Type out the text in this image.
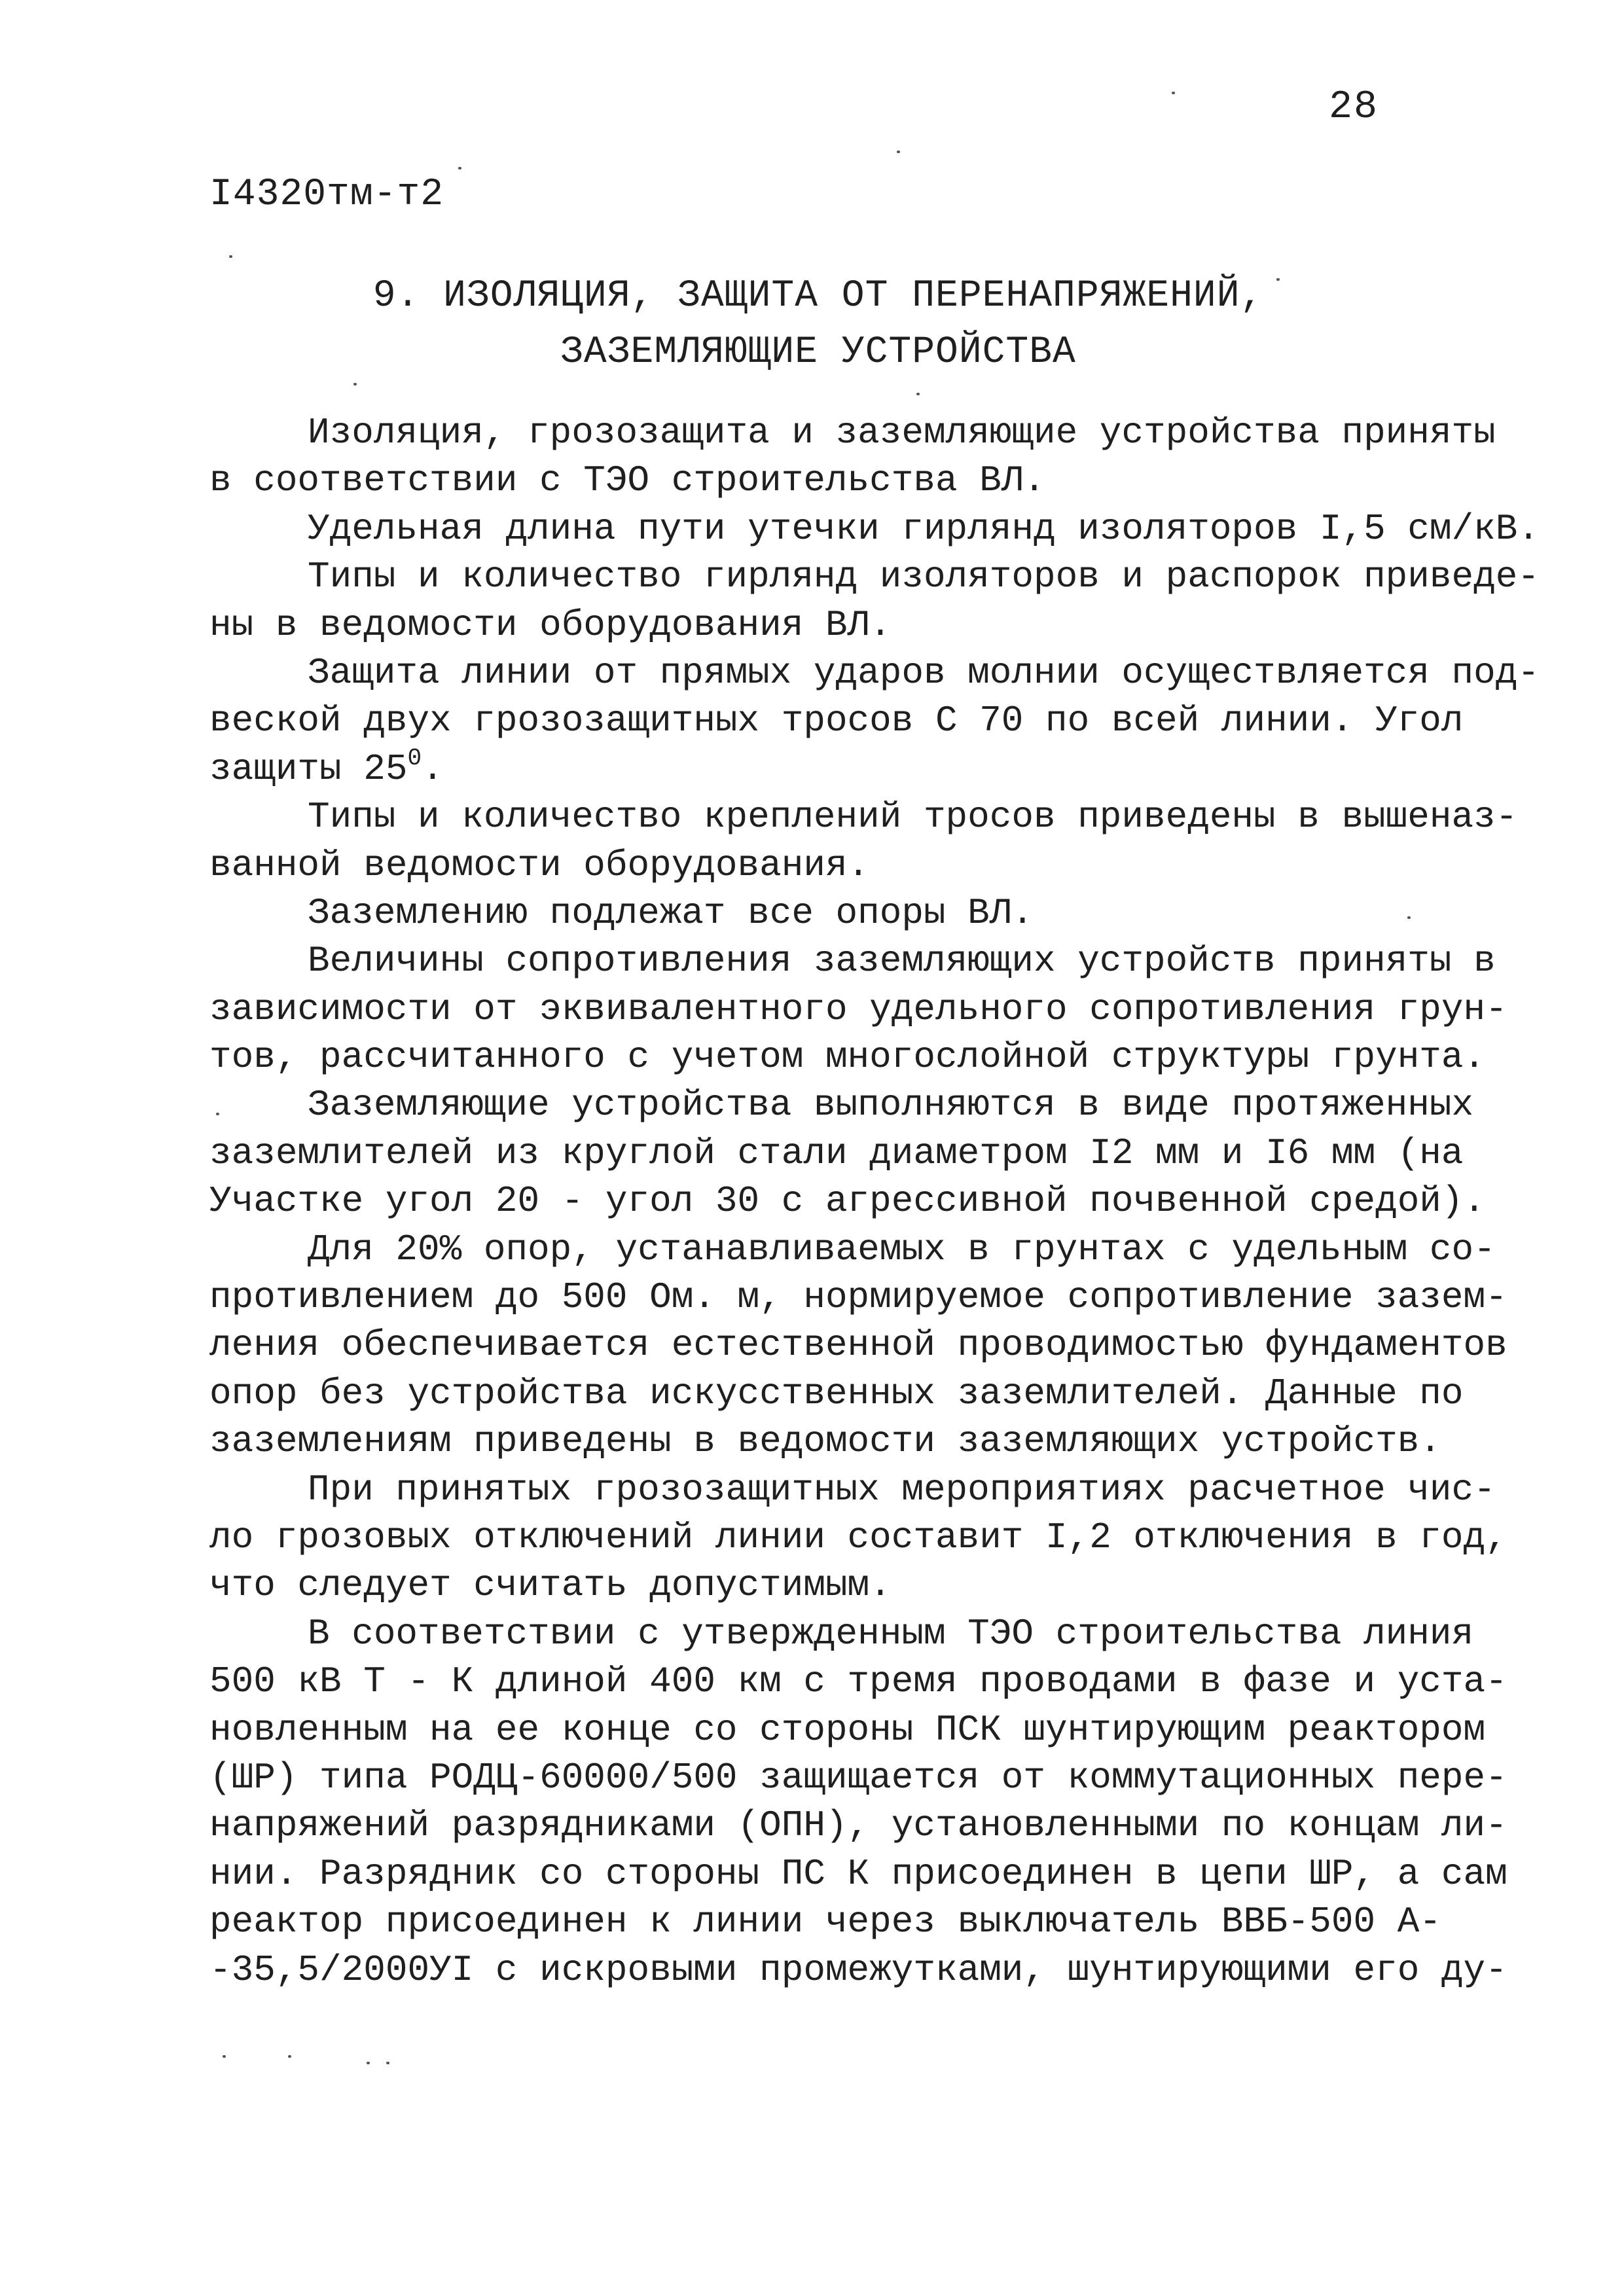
28
I4320тм-т2
9. ИЗОЛЯЦИЯ, ЗАЩИТА ОТ ПЕРЕНАПРЯЖЕНИЙ,
ЗАЗЕМЛЯЮЩИЕ УСТРОЙСТВА
Изоляция, грозозащита и заземляющие устройства приняты
в соответствии с ТЭО строительства ВЛ.
Удельная длина пути утечки гирлянд изоляторов I,5 см/кВ.
Типы и количество гирлянд изоляторов и распорок приведе-
ны в ведомости оборудования ВЛ.
Защита линии от прямых ударов молнии осуществляется под-
веской двух грозозащитных тросов С 70 по всей линии. Угол
защиты $25^0$.
Типы и количество креплений тросов приведены в вышеназ-
ванной ведомости оборудования.
Заземлению подлежат все опоры ВЛ.
Величины сопротивления заземляющих устройств приняты в
зависимости от эквивалентного удельного сопротивления грун-
тов, рассчитанного с учетом многослойной структуры грунта.
Заземляющие устройства выполняются в виде протяженных
заземлителей из круглой стали диаметром I2 мм и I6 мм (на
Участке угол 20 - угол 30 с агрессивной почвенной средой).
Для 20% опор, устанавливаемых в грунтах с удельным со-
противлением до 500 Ом. м, нормируемое сопротивление зазем-
ления обеспечивается естественной проводимостью фундаментов
опор без устройства искусственных заземлителей. Данные по
заземлениям приведены в ведомости заземляющих устройств.
При принятых грозозащитных мероприятиях расчетное чис-
ло грозовых отключений линии составит I,2 отключения в год,
что следует считать допустимым.
В соответствии с утвержденным ТЭО строительства линия
500 кВ Т - К длиной 400 км с тремя проводами в фазе и уста-
новленным на ее конце со стороны ПСК шунтирующим реактором
(ШР) типа РОДЦ-60000/500 защищается от коммутационных пере-
напряжений разрядниками (ОПН), установленными по концам ли-
нии. Разрядник со стороны ПС К присоединен в цепи ШР, а сам
реактор присоединен к линии через выключатель ВВБ-500 А-
-35,5/2000УI с искровыми промежутками, шунтирующими его ду-
